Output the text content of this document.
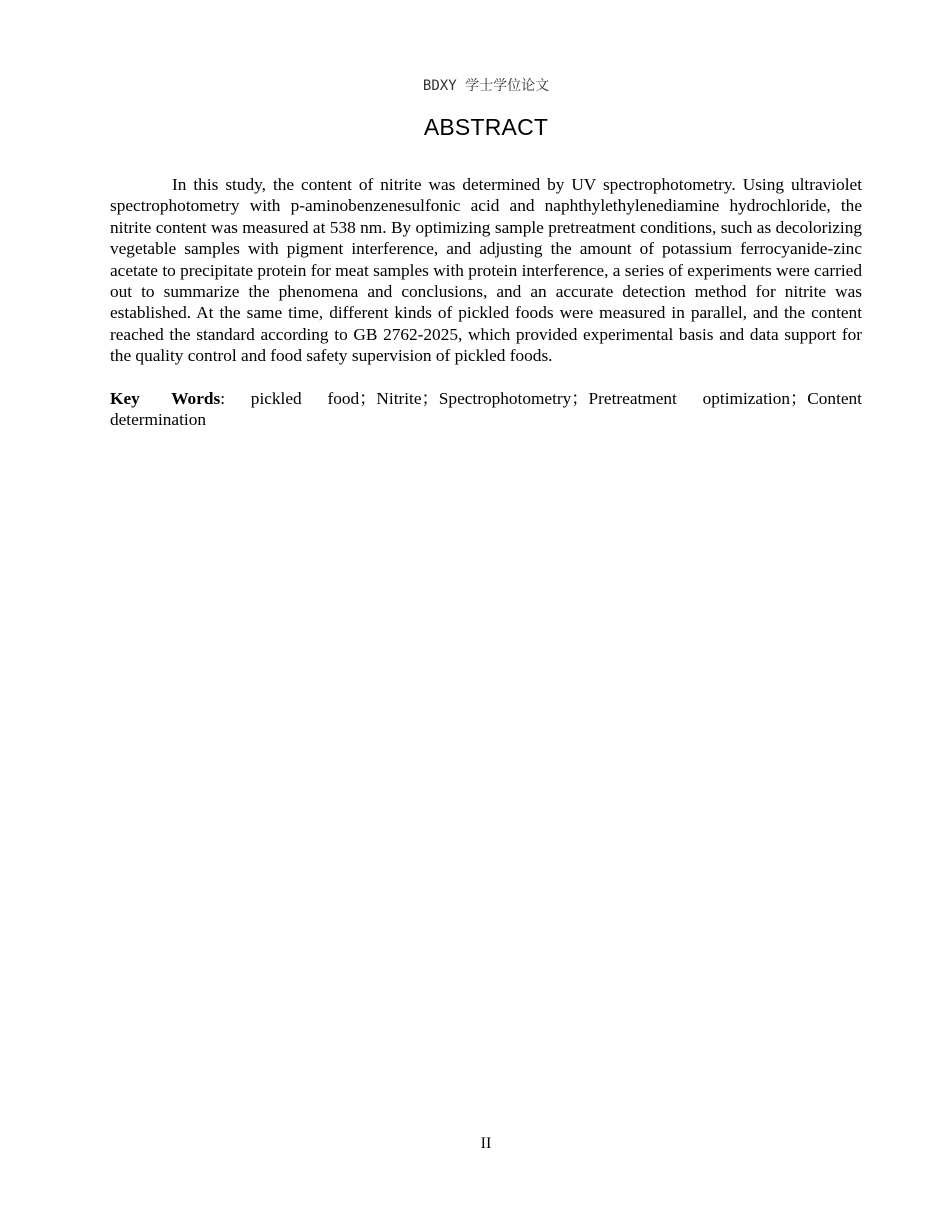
BDXY 学士学位论文
ABSTRACT

In this study, the content of nitrite was determined by UV spectrophotometry. Using ultraviolet spectrophotometry with p-aminobenzenesulfonic acid and naphthylethylenediamine hydrochloride, the nitrite content was measured at 538 nm. By optimizing sample pretreatment conditions, such as decolorizing vegetable samples with pigment interference, and adjusting the amount of potassium ferrocyanide-zinc acetate to precipitate protein for meat samples with protein interference, a series of experiments were carried out to summarize the phenomena and conclusions, and an accurate detection method for nitrite was established. At the same time, different kinds of pickled foods were measured in parallel, and the content reached the standard according to GB 2762-2025, which provided experimental basis and data support for the quality control and food safety supervision of pickled foods.

Key Words: pickled food；Nitrite；Spectrophotometry；Pretreatment optimization；Content determination

II
